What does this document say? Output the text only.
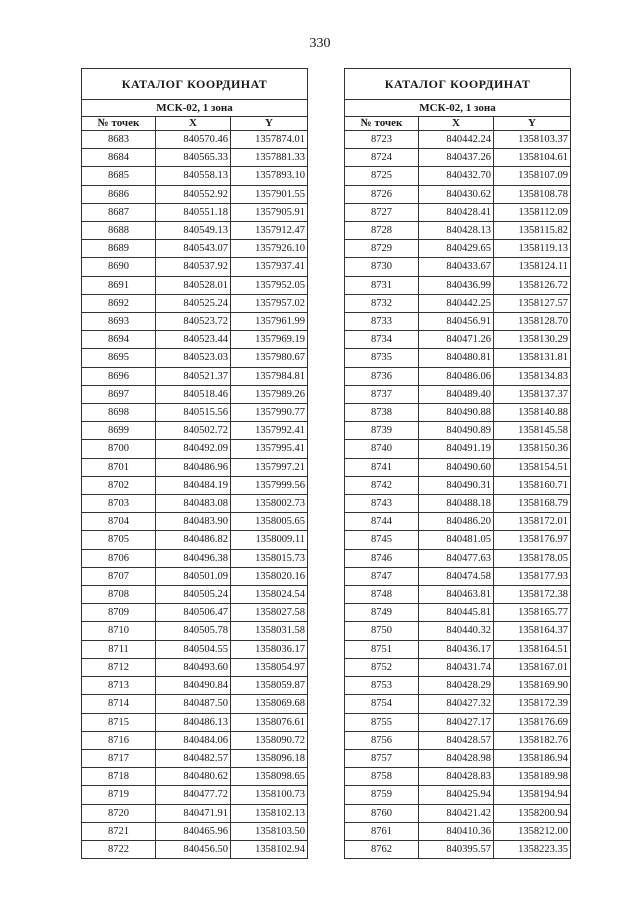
330
КАТАЛОГ КООРДИНАТ		
МСК-02, 1 зона		
№ точек	X	Y
8683	840570.46	1357874.01
8684	840565.33	1357881.33
8685	840558.13	1357893.10
8686	840552.92	1357901.55
8687	840551.18	1357905.91
8688	840549.13	1357912.47
8689	840543.07	1357926.10
8690	840537.92	1357937.41
8691	840528.01	1357952.05
8692	840525.24	1357957.02
8693	840523.72	1357961.99
8694	840523.44	1357969.19
8695	840523.03	1357980.67
8696	840521.37	1357984.81
8697	840518.46	1357989.26
8698	840515.56	1357990.77
8699	840502.72	1357992.41
8700	840492.09	1357995.41
8701	840486.96	1357997.21
8702	840484.19	1357999.56
8703	840483.08	1358002.73
8704	840483.90	1358005.65
8705	840486.82	1358009.11
8706	840496.38	1358015.73
8707	840501.09	1358020.16
8708	840505.24	1358024.54
8709	840506.47	1358027.58
8710	840505.78	1358031.58
8711	840504.55	1358036.17
8712	840493.60	1358054.97
8713	840490.84	1358059.87
8714	840487.50	1358069.68
8715	840486.13	1358076.61
8716	840484.06	1358090.72
8717	840482.57	1358096.18
8718	840480.62	1358098.65
8719	840477.72	1358100.73
8720	840471.91	1358102.13
8721	840465.96	1358103.50
8722	840456.50	1358102.94
КАТАЛОГ КООРДИНАТ		
МСК-02, 1 зона		
№ точек	X	Y
8723	840442.24	1358103.37
8724	840437.26	1358104.61
8725	840432.70	1358107.09
8726	840430.62	1358108.78
8727	840428.41	1358112.09
8728	840428.13	1358115.82
8729	840429.65	1358119.13
8730	840433.67	1358124.11
8731	840436.99	1358126.72
8732	840442.25	1358127.57
8733	840456.91	1358128.70
8734	840471.26	1358130.29
8735	840480.81	1358131.81
8736	840486.06	1358134.83
8737	840489.40	1358137.37
8738	840490.88	1358140.88
8739	840490.89	1358145.58
8740	840491.19	1358150.36
8741	840490.60	1358154.51
8742	840490.31	1358160.71
8743	840488.18	1358168.79
8744	840486.20	1358172.01
8745	840481.05	1358176.97
8746	840477.63	1358178.05
8747	840474.58	1358177.93
8748	840463.81	1358172.38
8749	840445.81	1358165.77
8750	840440.32	1358164.37
8751	840436.17	1358164.51
8752	840431.74	1358167.01
8753	840428.29	1358169.90
8754	840427.32	1358172.39
8755	840427.17	1358176.69
8756	840428.57	1358182.76
8757	840428.98	1358186.94
8758	840428.83	1358189.98
8759	840425.94	1358194.94
8760	840421.42	1358200.94
8761	840410.36	1358212.00
8762	840395.57	1358223.35
